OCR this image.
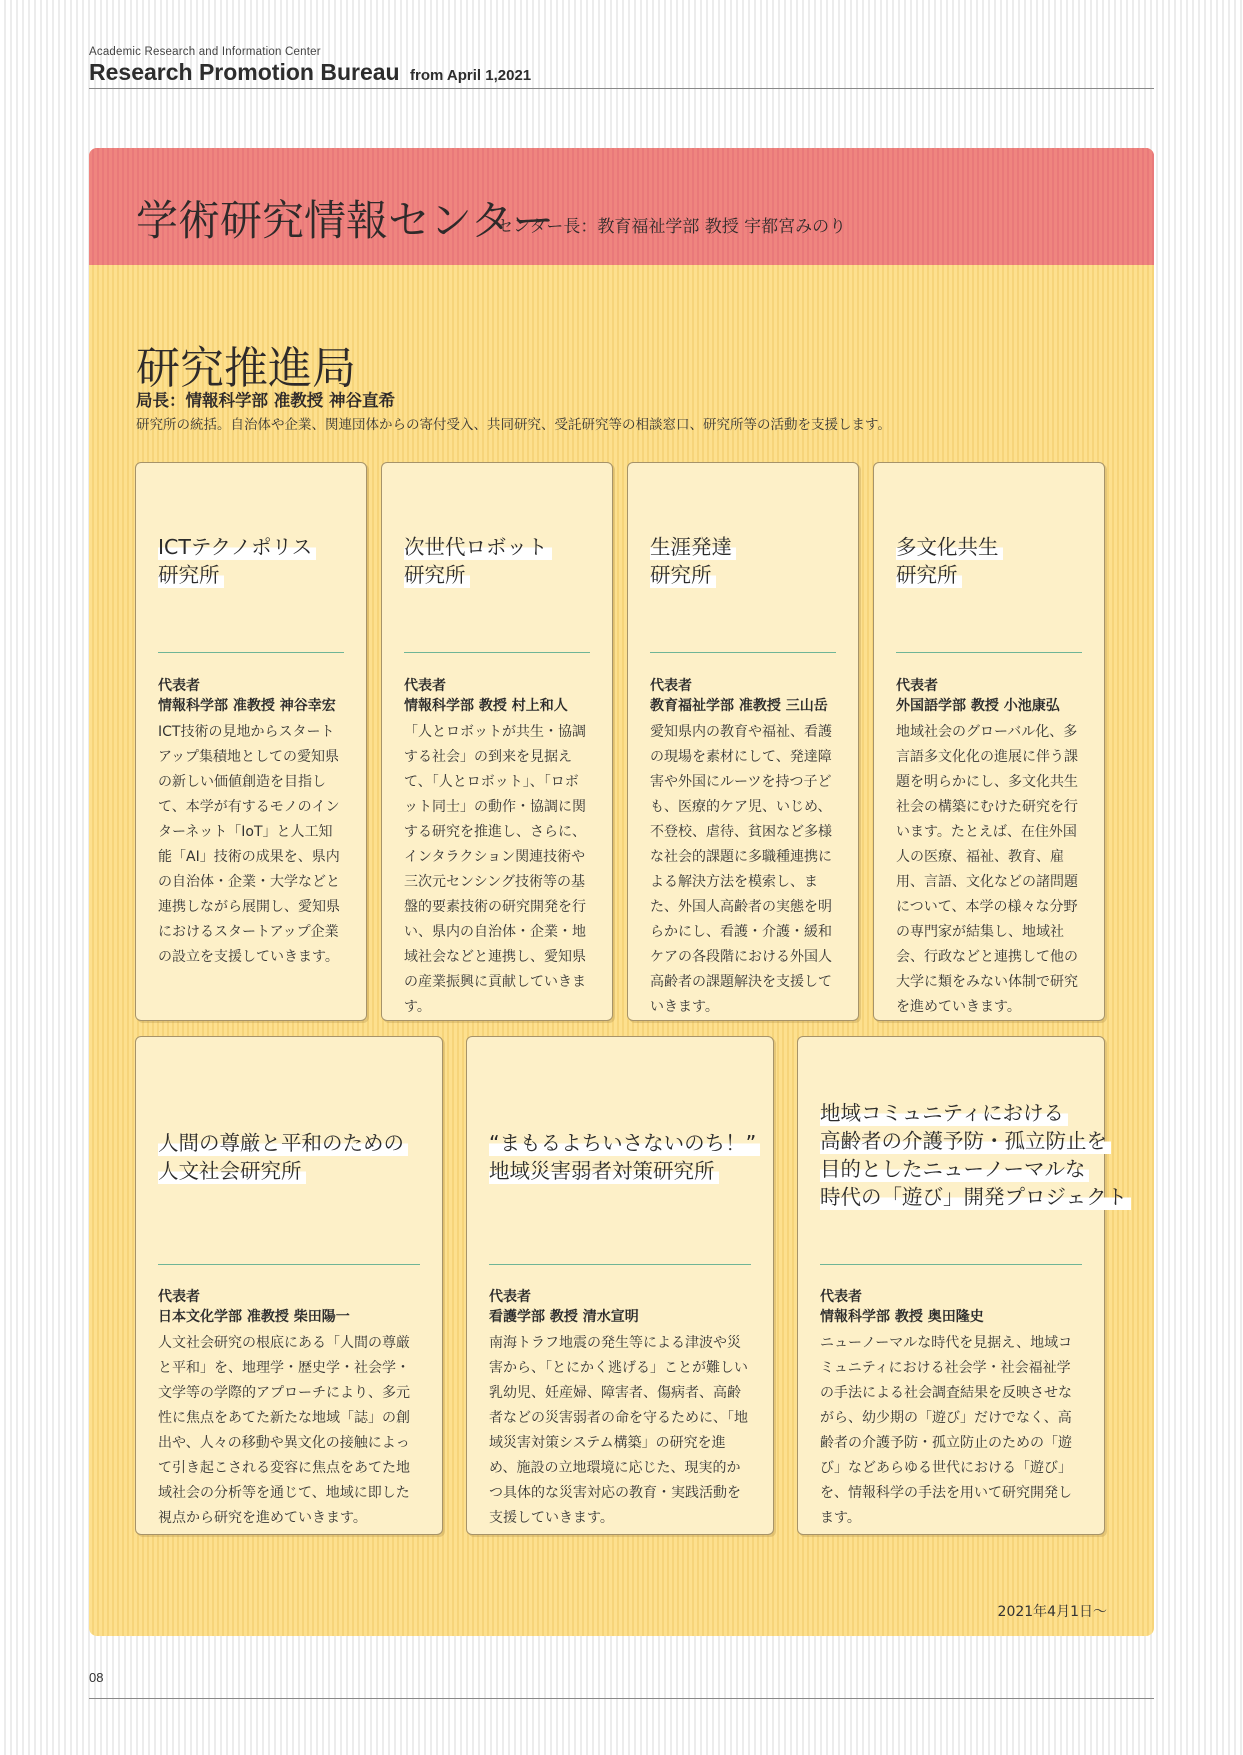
Academic Research and Information Center
Research Promotion Bureau from April 1,2021
学術研究情報センター
センター長：教育福祉学部 教授 宇都宮みのり
研究推進局
局長：情報科学部 准教授 神谷直希
研究所の統括。自治体や企業、関連団体からの寄付受入、共同研究、受託研究等の相談窓口、研究所等の活動を支援します。
ICTテクノポリス
研究所
代表者
情報科学部 准教授 神谷幸宏
ICT技術の見地からスタートアップ集積地としての愛知県の新しい価値創造を目指して、本学が有するモノのインターネット「IoT」と人工知能「AI」技術の成果を、県内の自治体・企業・大学などと連携しながら展開し、愛知県におけるスタートアップ企業の設立を支援していきます。
次世代ロボット
研究所
代表者
情報科学部 教授 村上和人
「人とロボットが共生・協調する社会」の到来を見据えて、「人とロボット」、「ロボット同士」の動作・協調に関する研究を推進し、さらに、インタラクション関連技術や三次元センシング技術等の基盤的要素技術の研究開発を行い、県内の自治体・企業・地域社会などと連携し、愛知県の産業振興に貢献していきます。
生涯発達
研究所
代表者
教育福祉学部 准教授 三山岳
愛知県内の教育や福祉、看護の現場を素材にして、発達障害や外国にルーツを持つ子ども、医療的ケア児、いじめ、不登校、虐待、貧困など多様な社会的課題に多職種連携による解決方法を模索し、また、外国人高齢者の実態を明らかにし、看護・介護・緩和ケアの各段階における外国人高齢者の課題解決を支援していきます。
多文化共生
研究所
代表者
外国語学部 教授 小池康弘
地域社会のグローバル化、多言語多文化化の進展に伴う課題を明らかにし、多文化共生社会の構築にむけた研究を行います。たとえば、在住外国人の医療、福祉、教育、雇用、言語、文化などの諸問題について、本学の様々な分野の専門家が結集し、地域社会、行政などと連携して他の大学に類をみない体制で研究を進めていきます。
人間の尊厳と平和のための
人文社会研究所
代表者
日本文化学部 准教授 柴田陽一
人文社会研究の根底にある「人間の尊厳と平和」を、地理学・歴史学・社会学・文学等の学際的アプローチにより、多元性に焦点をあてた新たな地域「誌」の創出や、人々の移動や異文化の接触によって引き起こされる変容に焦点をあてた地域社会の分析等を通じて、地域に即した視点から研究を進めていきます。
“まもるよちいさないのち！”
地域災害弱者対策研究所
代表者
看護学部 教授 清水宣明
南海トラフ地震の発生等による津波や災害から、「とにかく逃げる」ことが難しい乳幼児、妊産婦、障害者、傷病者、高齢者などの災害弱者の命を守るために、「地域災害対策システム構築」の研究を進め、施設の立地環境に応じた、現実的かつ具体的な災害対応の教育・実践活動を支援していきます。
地域コミュニティにおける
高齢者の介護予防・孤立防止を
目的としたニューノーマルな
時代の「遊び」開発プロジェクト
代表者
情報科学部 教授 奥田隆史
ニューノーマルな時代を見据え、地域コミュニティにおける社会学・社会福祉学の手法による社会調査結果を反映させながら、幼少期の「遊び」だけでなく、高齢者の介護予防・孤立防止のための「遊び」などあらゆる世代における「遊び」を、情報科学の手法を用いて研究開発します。
2021年4月1日～
08
